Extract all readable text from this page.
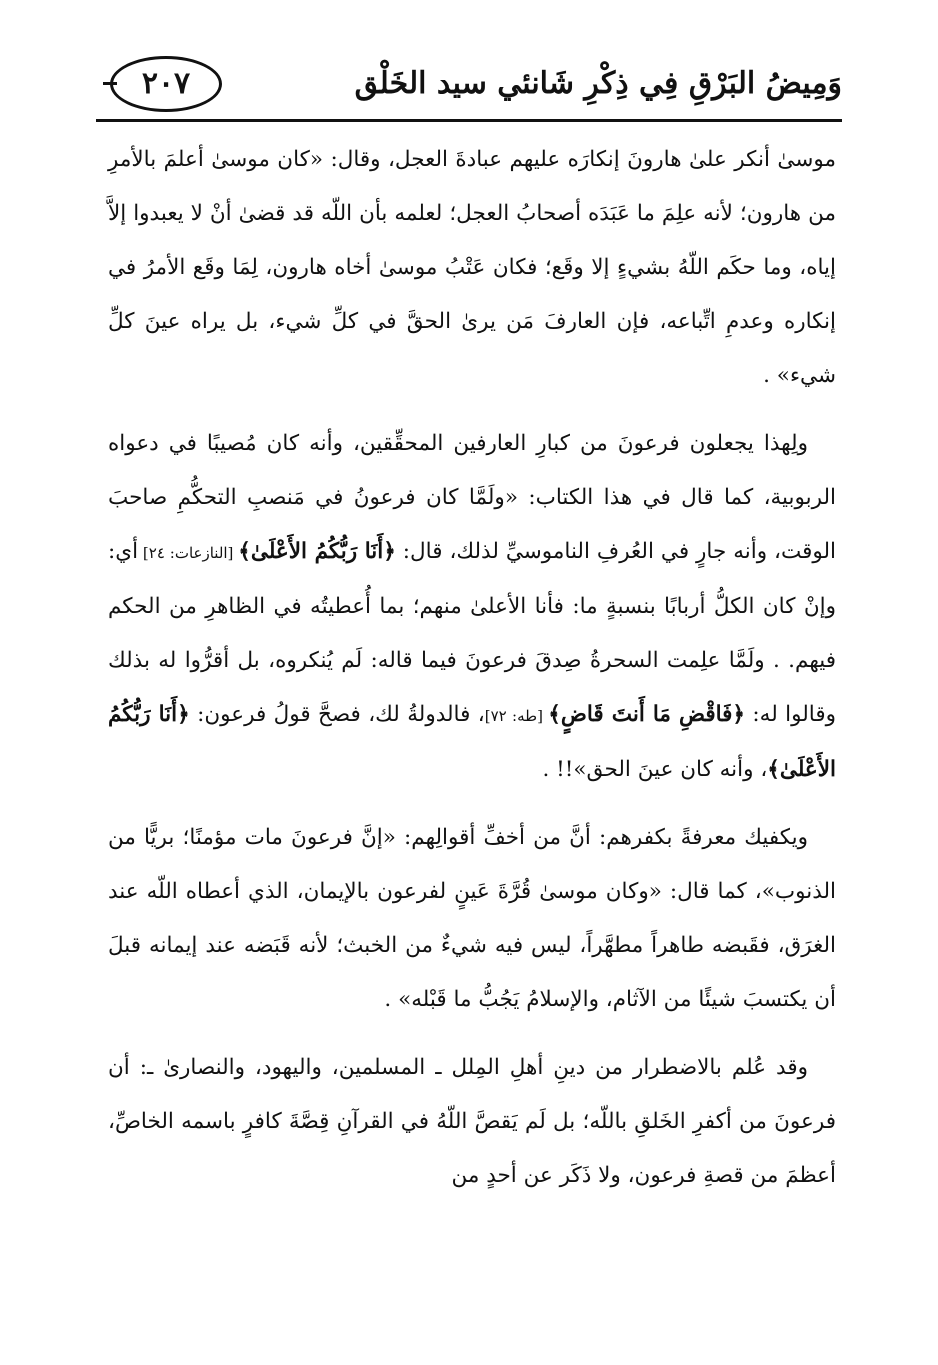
٢٠٧	وَمِيضُ البَرْقِ فِي ذِكْرِ شَانئي سيد الخَلْق

موسىٰ أنكر علىٰ هارونَ إنكارَه عليهم عبادةَ العجل، وقال: «كان موسىٰ أعلمَ بالأمرِ من هارون؛ لأنه علِمَ ما عَبَدَه أصحابُ العجل؛ لعلمه بأن اللّه قد قضىٰ أنْ لا يعبدوا إلاَّ إياه، وما حكَم اللّهُ بشيءٍ إلا وقَع؛ فكان عَتْبُ موسىٰ أخاه هارون، لِمَا وقَع الأمرُ في إنكاره وعدمِ اتِّباعه، فإن العارفَ مَن يرىٰ الحقَّ في كلِّ شيء، بل يراه عينَ كلِّ شيء» .

ولِهذا يجعلون فرعونَ من كبارِ العارفين المحقِّقين، وأنه كان مُصيبًا في دعواه الربوبية، كما قال في هذا الكتاب: «ولَمَّا كان فرعونُ في مَنصبِ التحكُّمِ صاحبَ الوقت، وأنه جارٍ في العُرفِ الناموسيِّ لذلك، قال: ﴿أَنَا رَبُّكُمُ الأَعْلَىٰ﴾ [النازعات: ٢٤] أي: وإنْ كان الكلُّ أربابًا بنسبةٍ ما: فأنا الأعلىٰ منهم؛ بما أُعطيتُه في الظاهرِ من الحكم فيهم. . ولَمَّا علِمت السحرةُ صِدقَ فرعونَ فيما قاله: لَم يُنكروه، بل أقرُّوا له بذلك وقالوا له: ﴿فَاقْضِ مَا أَنتَ قَاضٍ﴾ [طه: ٧٢]، فالدولةُ لك، فصحَّ قولُ فرعون: ﴿أَنَا رَبُّكُمُ الأَعْلَىٰ﴾، وأنه كان عينَ الحق»!! .

ويكفيك معرفةً بكفرهم: أنَّ من أخفِّ أقوالِهم: «إنَّ فرعونَ مات مؤمنًا؛ بريًّا من الذنوب»، كما قال: «وكان موسىٰ قُرَّةَ عَينٍ لفرعون بالإيمان، الذي أعطاه اللّه عند الغرَق، فقَبضه طاهراً مطهَّراً، ليس فيه شيءٌ من الخبث؛ لأنه قَبَضه عند إيمانه قبلَ أن يكتسبَ شيئًا من الآثام، والإسلامُ يَجُبُّ ما قَبْله» .

وقد عُلم بالاضطرار من دينِ أهلِ المِلل ـ المسلمين، واليهود، والنصارىٰ ـ: أن فرعونَ من أكفرِ الخَلقِ باللّه؛ بل لَم يَقصَّ اللّهُ في القرآنِ قِصَّةَ كافرٍ باسمه الخاصِّ، أعظمَ من قصةِ فرعون، ولا ذَكَر عن أحدٍ من
